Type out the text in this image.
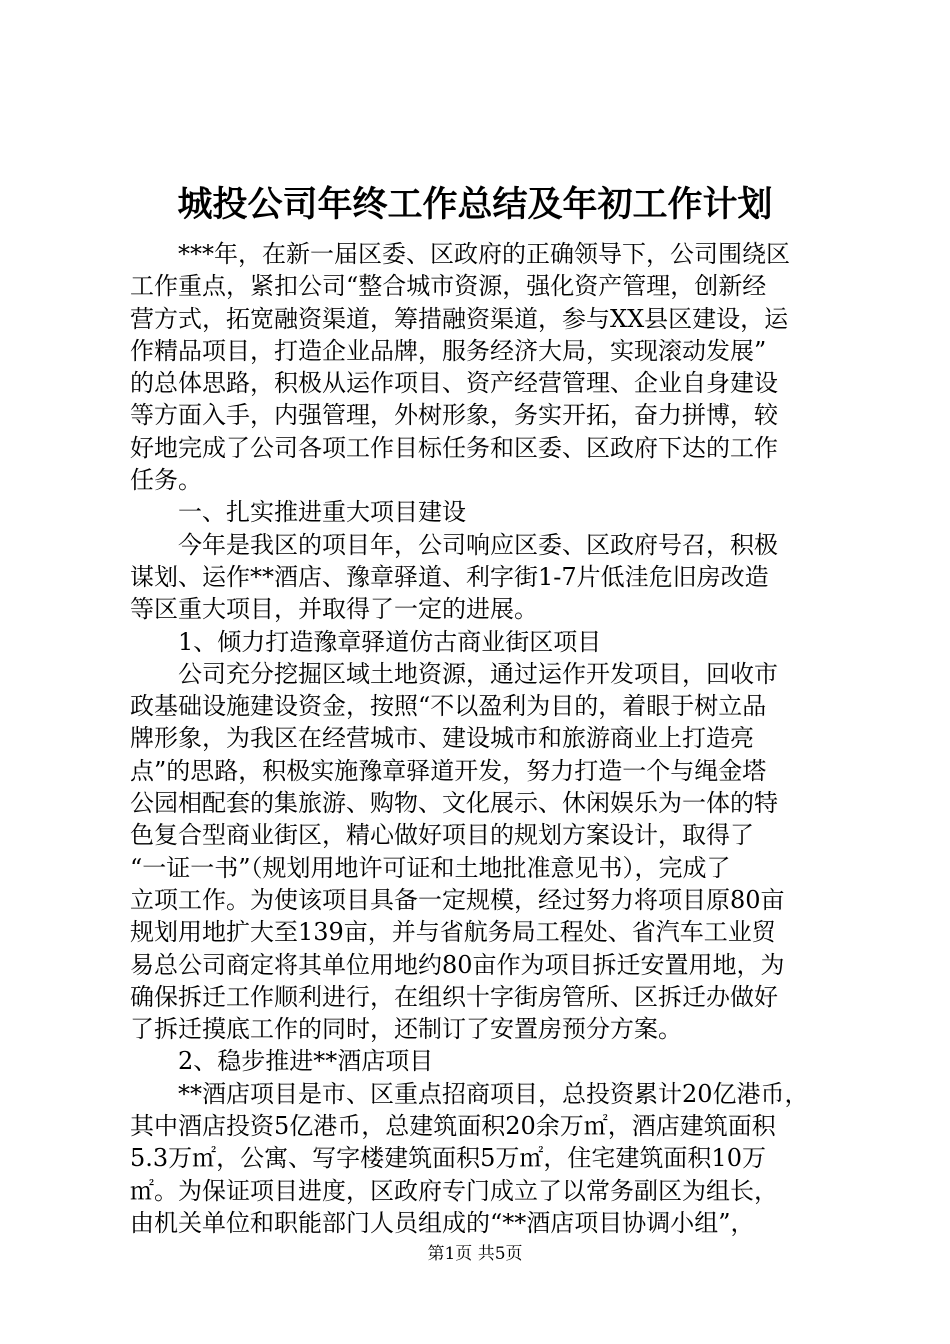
城投公司年终工作总结及年初工作计划
　　***年，在新一届区委、区政府的正确领导下，公司围绕区
工作重点，紧扣公司“整合城市资源，强化资产管理，创新经
营方式，拓宽融资渠道，筹措融资渠道，参与XX县区建设，运
作精品项目，打造企业品牌，服务经济大局，实现滚动发展”
的总体思路，积极从运作项目、资产经营管理、企业自身建设
等方面入手，内强管理，外树形象，务实开拓，奋力拼博，较
好地完成了公司各项工作目标任务和区委、区政府下达的工作
任务。
　　一、扎实推进重大项目建设
　　今年是我区的项目年，公司响应区委、区政府号召，积极
谋划、运作**酒店、豫章驿道、利字街1-7片低洼危旧房改造
等区重大项目，并取得了一定的进展。
　　1、倾力打造豫章驿道仿古商业街区项目
　　公司充分挖掘区域土地资源，通过运作开发项目，回收市
政基础设施建设资金，按照“不以盈利为目的，着眼于树立品
牌形象，为我区在经营城市、建设城市和旅游商业上打造亮
点”的思路，积极实施豫章驿道开发，努力打造一个与绳金塔
公园相配套的集旅游、购物、文化展示、休闲娱乐为一体的特
色复合型商业街区，精心做好项目的规划方案设计，取得了
“一证一书”（规划用地许可证和土地批准意见书），完成了
立项工作。为使该项目具备一定规模，经过努力将项目原80亩
规划用地扩大至139亩，并与省航务局工程处、省汽车工业贸
易总公司商定将其单位用地约80亩作为项目拆迁安置用地，为
确保拆迁工作顺利进行，在组织十字街房管所、区拆迁办做好
了拆迁摸底工作的同时，还制订了安置房预分方案。
　　2、稳步推进**酒店项目
　　**酒店项目是市、区重点招商项目，总投资累计20亿港币，
其中酒店投资5亿港币，总建筑面积20余万㎡，酒店建筑面积
5.3万㎡，公寓、写字楼建筑面积5万㎡，住宅建筑面积10万
㎡。为保证项目进度，区政府专门成立了以常务副区为组长，
由机关单位和职能部门人员组成的“**酒店项目协调小组”，
第1页 共5页
